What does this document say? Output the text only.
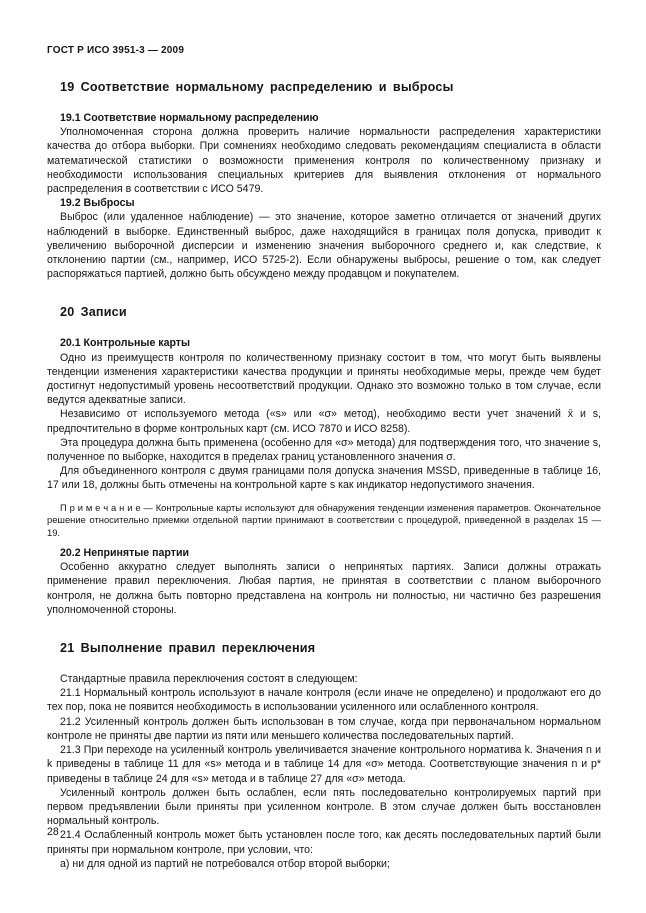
ГОСТ Р ИСО 3951-3 — 2009
19 Соответствие нормальному распределению и выбросы

19.1 Соответствие нормальному распределению

Уполномоченная сторона должна проверить наличие нормальности распределения характеристики качества до отбора выборки. При сомнениях необходимо следовать рекомендациям специалиста в области математической статистики о возможности применения контроля по количественному признаку и необходимости использования специальных критериев для выявления отклонения от нормального распределения в соответствии с ИСО 5479.

19.2 Выбросы

Выброс (или удаленное наблюдение) — это значение, которое заметно отличается от значений других наблюдений в выборке. Единственный выброс, даже находящийся в границах поля допуска, приводит к увеличению выборочной дисперсии и изменению значения выборочного среднего и, как следствие, к отклонению партии (см., например, ИСО 5725-2). Если обнаружены выбросы, решение о том, как следует распоряжаться партией, должно быть обсуждено между продавцом и покупателем.

20 Записи

20.1 Контрольные карты

Одно из преимуществ контроля по количественному признаку состоит в том, что могут быть выявлены тенденции изменения характеристики качества продукции и приняты необходимые меры, прежде чем будет достигнут недопустимый уровень несоответствий продукции. Однако это возможно только в том случае, если ведутся адекватные записи.

Независимо от используемого метода («s» или «σ» метод), необходимо вести учет значений x̄ и s, предпочтительно в форме контрольных карт (см. ИСО 7870 и ИСО 8258).

Эта процедура должна быть применена (особенно для «σ» метода) для подтверждения того, что значение s, полученное по выборке, находится в пределах границ установленного значения σ.

Для объединенного контроля с двумя границами поля допуска значения MSSD, приведенные в таблице 16, 17 или 18, должны быть отмечены на контрольной карте s как индикатор недопустимого значения.

П р и м е ч а н и е — Контрольные карты используют для обнаружения тенденции изменения параметров. Окончательное решение относительно приемки отдельной партии принимают в соответствии с процедурой, приведенной в разделах 15 — 19.

20.2 Непринятые партии

Особенно аккуратно следует выполнять записи о непринятых партиях. Записи должны отражать применение правил переключения. Любая партия, не принятая в соответствии с планом выборочного контроля, не должна быть повторно представлена на контроль ни полностью, ни частично без разрешения уполномоченной стороны.

21 Выполнение правил переключения

Стандартные правила переключения состоят в следующем:

21.1 Нормальный контроль используют в начале контроля (если иначе не определено) и продолжают его до тех пор, пока не появится необходимость в использовании усиленного или ослабленного контроля.

21.2 Усиленный контроль должен быть использован в том случае, когда при первоначальном нормальном контроле не приняты две партии из пяти или меньшего количества последовательных партий.

21.3 При переходе на усиленный контроль увеличивается значение контрольного норматива k. Значения n и k приведены в таблице 11 для «s» метода и в таблице 14 для «σ» метода. Соответствующие значения n и p* приведены в таблице 24 для «s» метода и в таблице 27 для «σ» метода.

Усиленный контроль должен быть ослаблен, если пять последовательно контролируемых партий при первом предъявлении были приняты при усиленном контроле. В этом случае должен быть восстановлен нормальный контроль.

21.4 Ослабленный контроль может быть установлен после того, как десять последовательных партий были приняты при нормальном контроле, при условии, что:

а) ни для одной из партий не потребовался отбор второй выборки;

28
